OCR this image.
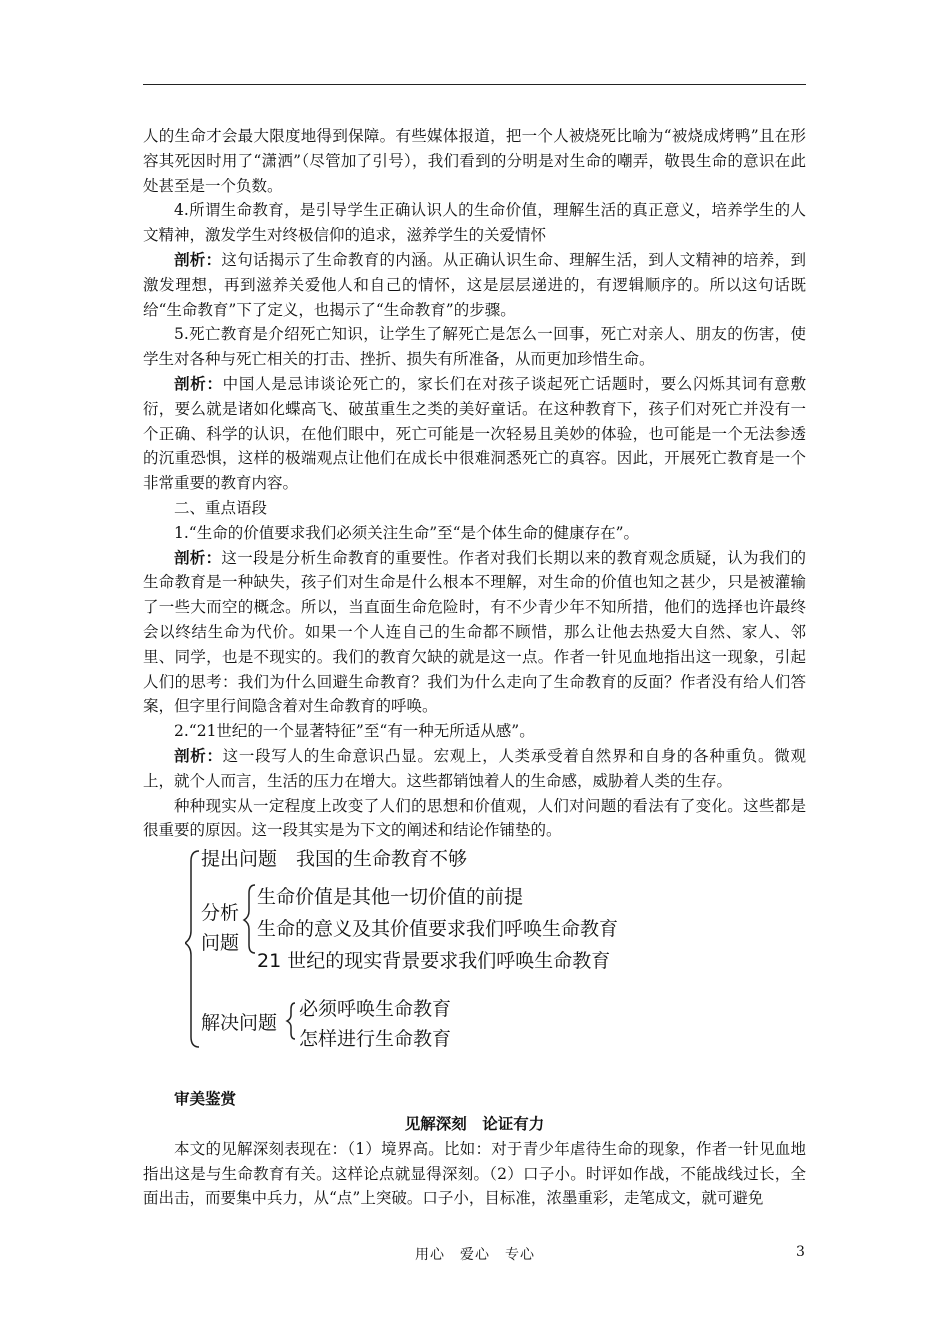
人的生命才会最大限度地得到保障。有些媒体报道，把一个人被烧死比喻为“被烧成烤鸭”且在形容其死因时用了“潇洒”（尽管加了引号），我们看到的分明是对生命的嘲弄，敬畏生命的意识在此处甚至是一个负数。

4.所谓生命教育，是引导学生正确认识人的生命价值，理解生活的真正意义，培养学生的人文精神，激发学生对终极信仰的追求，滋养学生的关爱情怀

剖析：这句话揭示了生命教育的内涵。从正确认识生命、理解生活，到人文精神的培养，到激发理想，再到滋养关爱他人和自己的情怀，这是层层递进的，有逻辑顺序的。所以这句话既给“生命教育”下了定义，也揭示了“生命教育”的步骤。

5.死亡教育是介绍死亡知识，让学生了解死亡是怎么一回事，死亡对亲人、朋友的伤害，使学生对各种与死亡相关的打击、挫折、损失有所准备，从而更加珍惜生命。

剖析：中国人是忌讳谈论死亡的，家长们在对孩子谈起死亡话题时，要么闪烁其词有意敷衍，要么就是诸如化蝶高飞、破茧重生之类的美好童话。在这种教育下，孩子们对死亡并没有一个正确、科学的认识，在他们眼中，死亡可能是一次轻易且美妙的体验，也可能是一个无法参透的沉重恐惧，这样的极端观点让他们在成长中很难洞悉死亡的真容。因此，开展死亡教育是一个非常重要的教育内容。

二、重点语段

1.“生命的价值要求我们必须关注生命”至“是个体生命的健康存在”。

剖析：这一段是分析生命教育的重要性。作者对我们长期以来的教育观念质疑，认为我们的生命教育是一种缺失，孩子们对生命是什么根本不理解，对生命的价值也知之甚少，只是被灌输了一些大而空的概念。所以，当直面生命危险时，有不少青少年不知所措，他们的选择也许最终会以终结生命为代价。如果一个人连自己的生命都不顾惜，那么让他去热爱大自然、家人、邻里、同学，也是不现实的。我们的教育欠缺的就是这一点。作者一针见血地指出这一现象，引起人们的思考：我们为什么回避生命教育？我们为什么走向了生命教育的反面？作者没有给人们答案，但字里行间隐含着对生命教育的呼唤。

2.“21世纪的一个显著特征”至“有一种无所适从感”。

剖析：这一段写人的生命意识凸显。宏观上，人类承受着自然界和自身的各种重负。微观上，就个人而言，生活的压力在增大。这些都销蚀着人的生命感，威胁着人类的生存。

种种现实从一定程度上改变了人们的思想和价值观，人们对问题的看法有了变化。这些都是很重要的原因。这一段其实是为下文的阐述和结论作铺垫的。

提出问题　我国的生命教育不够
分析
问题
生命价值是其他一切价值的前提
生命的意义及其价值要求我们呼唤生命教育
21 世纪的现实背景要求我们呼唤生命教育
解决问题
必须呼唤生命教育
怎样进行生命教育

审美鉴赏

见解深刻　论证有力

本文的见解深刻表现在：（1）境界高。比如：对于青少年虐待生命的现象，作者一针见血地指出这是与生命教育有关。这样论点就显得深刻。（2）口子小。时评如作战，不能战线过长，全面出击，而要集中兵力，从“点”上突破。口子小，目标准，浓墨重彩，走笔成文，就可避免

用心　爱心　专心	3
